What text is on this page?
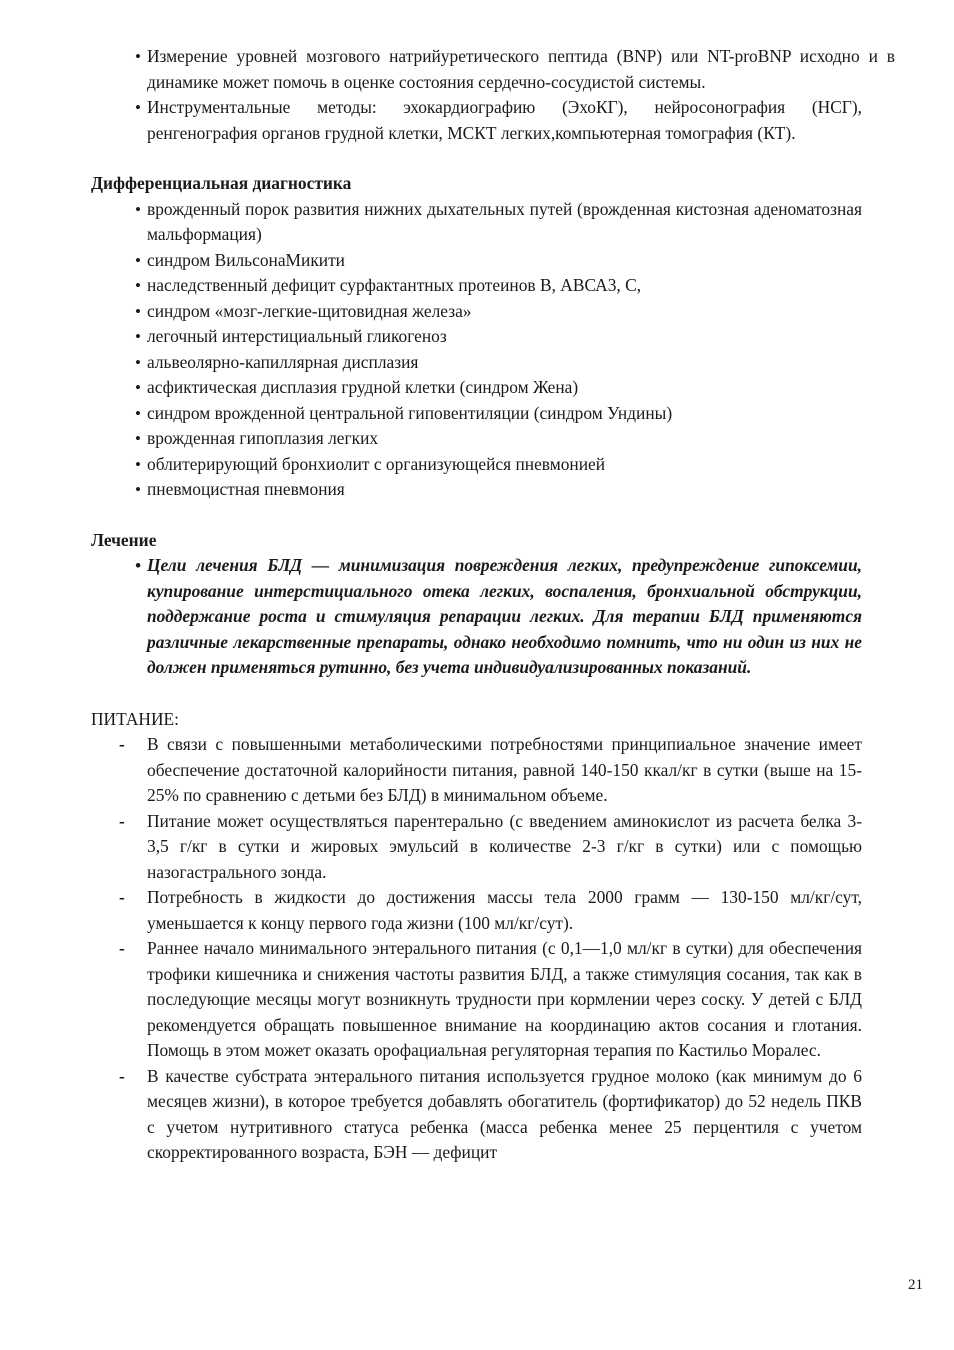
• Измерение уровней мозгового натрийуретического пептида (BNP) или NT-proBNP исходно и в динамике может помочь в оценке состояния сердечно-сосудистой системы.
• Инструментальные методы: эхокардиографию (ЭхоКГ), нейросонография (НСГ), ренгенография органов грудной клетки, МСКТ легких,компьютерная томография (КТ).

Дифференциальная диагностика

• врожденный порок развития нижних дыхательных путей (врожденная кистозная аденоматозная мальформация)
• синдром ВильсонаМикити
• наследственный дефицит сурфактантных протеинов В, АВСА3, С,
• синдром «мозг-легкие-щитовидная железа»
• легочный интерстициальный гликогеноз
• альвеолярно-капиллярная дисплазия
• асфиктическая дисплазия грудной клетки (синдром Жена)
• синдром врожденной центральной гиповентиляции (синдром Ундины)
• врожденная гипоплазия легких
• облитерирующий бронхиолит с организующейся пневмонией
• пневмоцистная пневмония

Лечение

• Цели лечения БЛД — минимизация повреждения легких, предупреждение гипоксемии, купирование интерстициального отека легких, воспаления, бронхиальной обструкции, поддержание роста и стимуляция репарации легких. Для терапии БЛД применяются различные лекарственные препараты, однако необходимо помнить, что ни один из них не должен применяться рутинно, без учета индивидуализированных показаний.

ПИТАНИЕ:

- В связи с повышенными метаболическими потребностями принципиальное значение имеет обеспечение достаточной калорийности питания, равной 140-150 ккал/кг в сутки (выше на 15-25% по сравнению с детьми без БЛД) в минимальном объеме.
- Питание может осуществляться парентерально (с введением аминокислот из расчета белка 3-3,5 г/кг в сутки и жировых эмульсий в количестве 2-3 г/кг в сутки) или с помощью назогастрального зонда.
- Потребность в жидкости до достижения массы тела 2000 грамм — 130-150 мл/кг/сут, уменьшается к концу первого года жизни (100 мл/кг/сут).
- Раннее начало минимального энтерального питания (с 0,1—1,0 мл/кг в сутки) для обеспечения трофики кишечника и снижения частоты развития БЛД, а также стимуляция сосания, так как в последующие месяцы могут возникнуть трудности при кормлении через соску. У детей с БЛД рекомендуется обращать повышенное внимание на координацию актов сосания и глотания. Помощь в этом может оказать орофациальная регуляторная терапия по Кастильо Моралес.
- В качестве субстрата энтерального питания используется грудное молоко (как минимум до 6 месяцев жизни), в которое требуется добавлять обогатитель (фортификатор) до 52 недель ПКВ с учетом нутритивного статуса ребенка (масса ребенка менее 25 перцентиля с учетом скорректированного возраста, БЭН — дефицит
21
